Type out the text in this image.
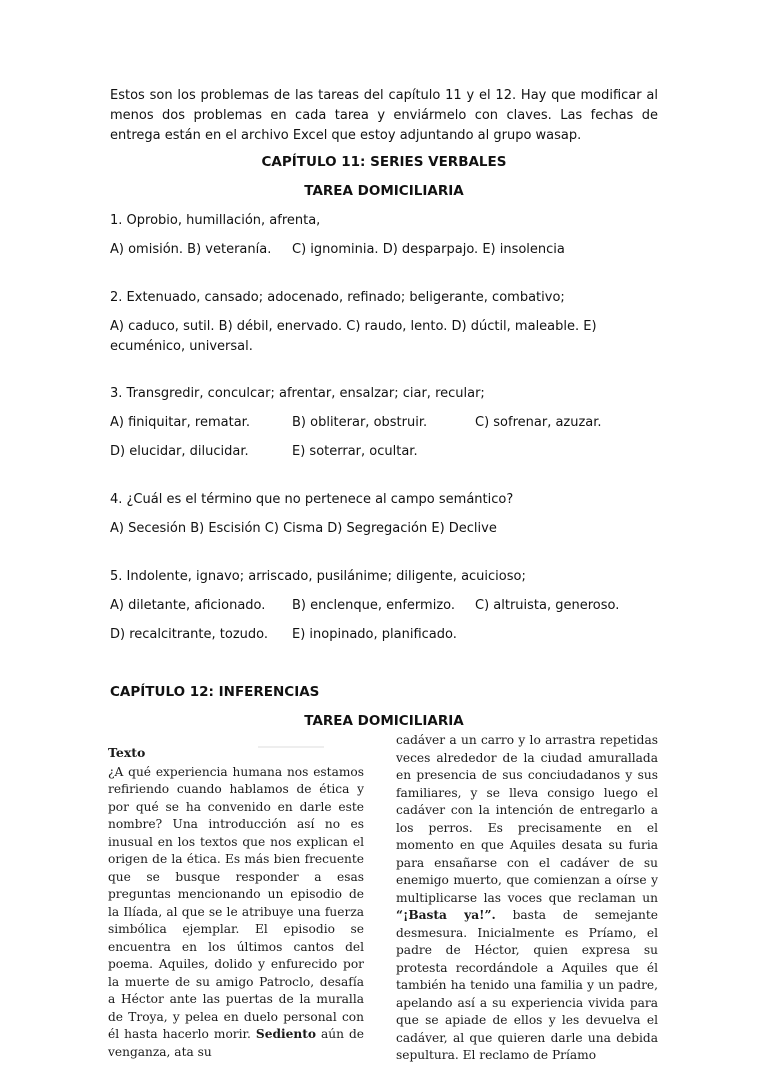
Estos son los problemas de las tareas del capítulo 11 y el 12. Hay que modificar al menos dos problemas en cada tarea y enviármelo con claves. Las fechas de entrega están en el archivo Excel que estoy adjuntando al grupo wasap.
CAPÍTULO 11: SERIES VERBALES
TAREA DOMICILIARIA
1. Oprobio, humillación, afrenta,
A) omisión. B) veteranía. C) ignominia. D) desparpajo. E) insolencia
2. Extenuado, cansado; adocenado, refinado; beligerante, combativo;
A) caduco, sutil. B) débil, enervado. C) raudo, lento. D) dúctil, maleable. E) ecuménico, universal.
3. Transgredir, conculcar; afrentar, ensalzar; ciar, recular;
A) finiquitar, rematar.	B) obliterar, obstruir.	C) sofrenar, azuzar.
D) elucidar, dilucidar.	E) soterrar, ocultar.
4. ¿Cuál es el término que no pertenece al campo semántico?
A) Secesión B) Escisión C) Cisma D) Segregación E) Declive
5. Indolente, ignavo; arriscado, pusilánime; diligente, acuicioso;
A) diletante, aficionado. B) enclenque, enfermizo. C) altruista, generoso.
D) recalcitrante, tozudo. E) inopinado, planificado.
CAPÍTULO 12: INFERENCIAS
TAREA DOMICILIARIA
Texto
¿A qué experiencia humana nos estamos refiriendo cuando hablamos de ética y por qué se ha convenido en darle este nombre? Una introducción así no es inusual en los textos que nos explican el origen de la ética. Es más bien frecuente que se busque responder a esas preguntas mencionando un episodio de la Ilíada, al que se le atribuye una fuerza simbólica ejemplar. El episodio se encuentra en los últimos cantos del poema. Aquiles, dolido y enfurecido por la muerte de su amigo Patroclo, desafía a Héctor ante las puertas de la muralla de Troya, y pelea en duelo personal con él hasta hacerlo morir. Sediento aún de venganza, ata su
cadáver a un carro y lo arrastra repetidas veces alrededor de la ciudad amurallada en presencia de sus conciudadanos y sus familiares, y se lleva consigo luego el cadáver con la intención de entregarlo a los perros. Es precisamente en el momento en que Aquiles desata su furia para ensañarse con el cadáver de su enemigo muerto, que comienzan a oírse y multiplicarse las voces que reclaman un “¡Basta ya!”. basta de semejante desmesura. Inicialmente es Príamo, el padre de Héctor, quien expresa su protesta recordándole a Aquiles que él también ha tenido una familia y un padre, apelando así a su experiencia vivida para que se apiade de ellos y les devuelva el cadáver, al que quieren darle una debida sepultura. El reclamo de Príamo
